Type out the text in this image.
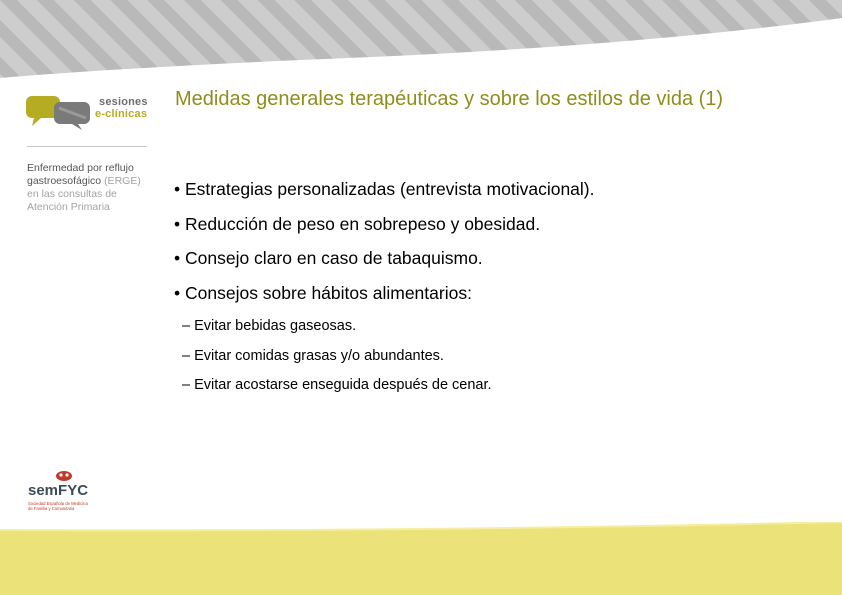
sesiones
e-clínicas
Enfermedad por reflujo
gastroesofágico (ERGE)
en las consultas de
Atención Primaria
Medidas generales terapéuticas y sobre los estilos de vida (1)
• Estrategias personalizadas (entrevista motivacional).
• Reducción de peso en sobrepeso y obesidad.
• Consejo claro en caso de tabaquismo.
• Consejos sobre hábitos alimentarios:
– Evitar bebidas gaseosas.
– Evitar comidas grasas y/o abundantes.
– Evitar acostarse enseguida después de cenar.
semFYC
Sociedad Española de Medicina
de Familia y Comunitaria
